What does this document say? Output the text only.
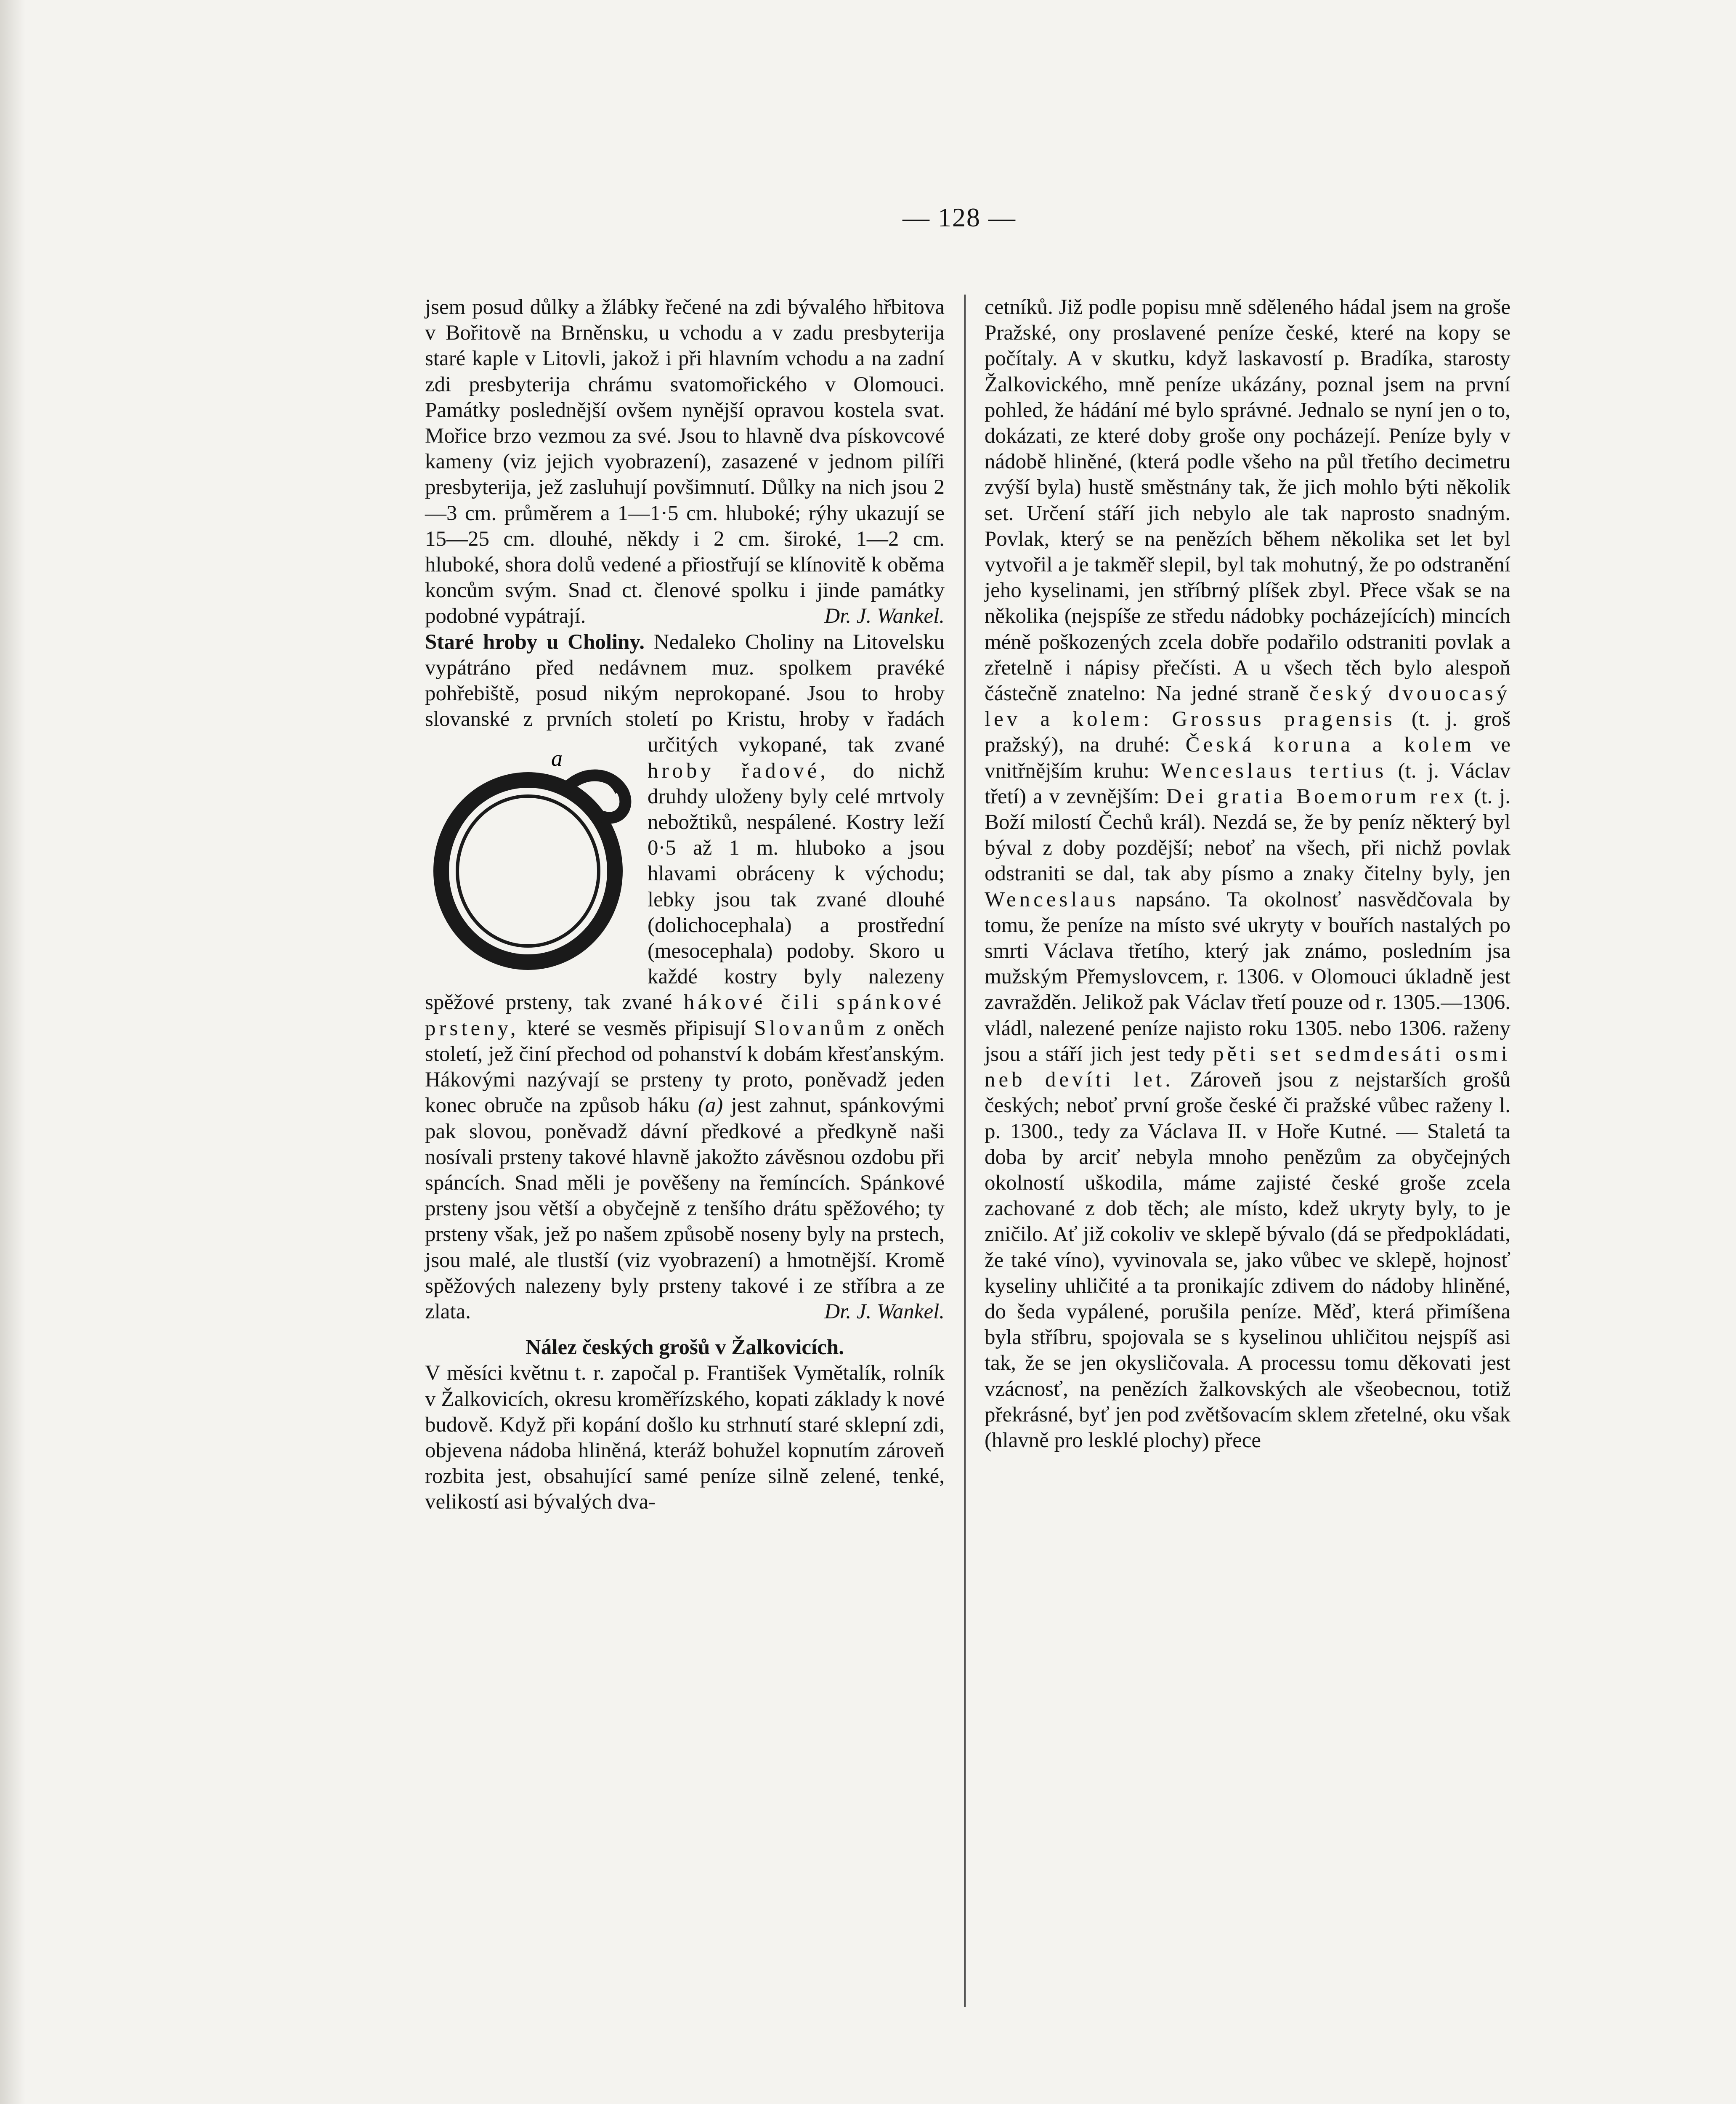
— 128 —

jsem posud důlky a žlábky řečené na zdi bývalého hřbitova v Bořitově na Brněnsku, u vchodu a v zadu presbyterija staré kaple v Litovli, jakož i při hlavním vchodu a na zadní zdi presbyterija chrámu svatomořického v Olomouci. Památky poslednější ovšem nynější opravou kostela svat. Mořice brzo vezmou za své. Jsou to hlavně dva pískovcové kameny (viz jejich vyobrazení), zasazené v jednom pilíři presbyterija, jež zasluhují povšimnutí. Důlky na nich jsou 2—3 cm. průměrem a 1—1·5 cm. hluboké; rýhy ukazují se 15—25 cm. dlouhé, někdy i 2 cm. široké, 1—2 cm. hluboké, shora dolů vedené a přiostřují se klínovitě k oběma koncům svým. Snad ct. členové spolku i jinde památky podobné vypátrají.	Dr. J. Wankel.

Staré hroby u Choliny. Nedaleko Choliny na Litovelsku vypátráno před nedávnem muz. spolkem pravéké pohřebiště, posud nikým neprokopané. Jsou to hroby slovanské z prvních století po Kristu, hroby v řadách určitých vykopané, tak zvané
a	hroby řadové, do nichž druhdy uloženy byly celé mrtvoly nebožtiků, nespálené. Kostry leží 0·5 až 1 m. hluboko a jsou hlavami obráceny k východu; lebky jsou tak zvané dlouhé (dolichocephala) a prostřední (mesocephala) podoby. Skoro u každé kostry byly nalezeny spěžové prsteny, tak zvané hákové čili spánkové prsteny, které se vesměs připisují Slovanům z oněch století, jež činí přechod od pohanství k dobám křesťanským. Hákovými nazývají se prsteny ty proto, poněvadž jeden konec obruče na způsob háku (a) jest zahnut, spánkovými pak slovou, poněvadž dávní předkové a předkyně naši nosívali prsteny takové hlavně jakožto závěsnou ozdobu při spáncích. Snad měli je pověšeny na řemíncích. Spánkové prsteny jsou větší a obyčejně z tenšího drátu spěžového; ty prsteny však, jež po našem způsobě noseny byly na prstech, jsou malé, ale tlustší (viz vyobrazení) a hmotnější. Kromě spěžových nalezeny byly prsteny takové i ze stříbra a ze zlata.	Dr. J. Wankel.

Nález českých grošů v Žalkovicích.

V měsíci květnu t. r. započal p. František Vymětalík, rolník v Žalkovicích, okresu kroměřízského, kopati základy k nové budově. Když při kopání došlo ku strhnutí staré sklepní zdi, objevena nádoba hliněná, kteráž bohužel kopnutím zároveň rozbita jest, obsahující samé peníze silně zelené, tenké, velikostí asi bývalých dva-

cetníků. Již podle popisu mně sděleného hádal jsem na groše Pražské, ony proslavené peníze české, které na kopy se počítaly. A v skutku, když laskavostí p. Bradíka, starosty Žalkovického, mně peníze ukázány, poznal jsem na první pohled, že hádání mé bylo správné. Jednalo se nyní jen o to, dokázati, ze které doby groše ony pocházejí. Peníze byly v nádobě hliněné, (která podle všeho na půl třetího decimetru zvýší byla) hustě směstnány tak, že jich mohlo býti několik set. Určení stáří jich nebylo ale tak naprosto snadným. Povlak, který se na penězích během několika set let byl vytvořil a je takměř slepil, byl tak mohutný, že po odstranění jeho kyselinami, jen stříbrný plíšek zbyl. Přece však se na několika (nejspíše ze středu nádobky pocházejících) mincích méně poškozených zcela dobře podařilo odstraniti povlak a zřetelně i nápisy přečísti. A u všech těch bylo alespoň částečně znatelno: Na jedné straně český dvouocasý lev a kolem: Grossus pragensis (t. j. groš pražský), na druhé: Česká koruna a kolem ve vnitřnějším kruhu: Wenceslaus tertius (t. j. Václav třetí) a v zevnějším: Dei gratia Boemorum rex (t. j. Boží milostí Čechů král). Nezdá se, že by peníz některý byl býval z doby pozdější; neboť na všech, při nichž povlak odstraniti se dal, tak aby písmo a znaky čitelny byly, jen Wenceslaus napsáno. Ta okolnosť nasvědčovala by tomu, že peníze na místo své ukryty v bouřích nastalých po smrti Václava třetího, který jak známo, posledním jsa mužským Přemyslovcem, r. 1306. v Olomouci úkladně jest zavražděn. Jelikož pak Václav třetí pouze od r. 1305.—1306. vládl, nalezené peníze najisto roku 1305. nebo 1306. raženy jsou a stáří jich jest tedy pěti set sedmdesáti osmi neb devíti let. Zároveň jsou z nejstarších grošů českých; neboť první groše české či pražské vůbec raženy l. p. 1300., tedy za Václava II. v Hoře Kutné. — Staletá ta doba by arciť nebyla mnoho penězům za obyčejných okolností uškodila, máme zajisté české groše zcela zachované z dob těch; ale místo, kdež ukryty byly, to je zničilo. Ať již cokoliv ve sklepě bývalo (dá se předpokládati, že také víno), vyvinovala se, jako vůbec ve sklepě, hojnosť kyseliny uhličité a ta pronikajíc zdivem do nádoby hliněné, do šeda vypálené, porušila peníze. Měď, která přimíšena byla stříbru, spojovala se s kyselinou uhličitou nejspíš asi tak, že se jen okysličovala. A processu tomu děkovati jest vzácnosť, na penězích žalkovských ale všeobecnou, totiž překrásné, byť jen pod zvětšovacím sklem zřetelné, oku však (hlavně pro lesklé plochy) přece
